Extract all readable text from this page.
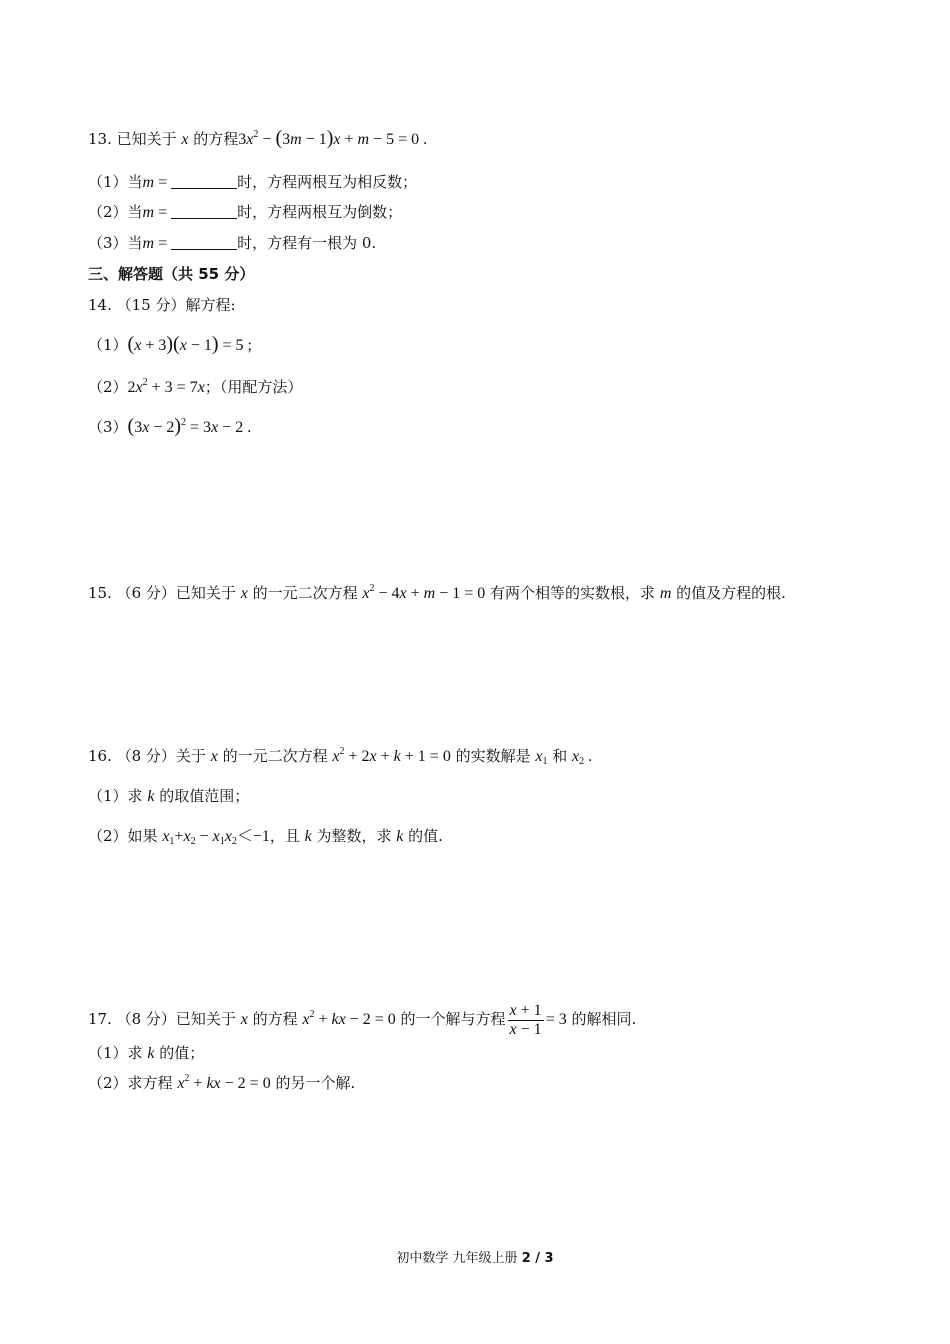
13. 已知关于 x 的方程$3x^2 - (3m - 1)x + m - 5 = 0$ .
（1）当m =	时，方程两根互为相反数；
（2）当m =	时，方程两根互为倒数；
（3）当m =	时，方程有一根为 0.
三、解答题（共 55 分）
14. （15 分）解方程:
（1）(x + 3)(x − 1) = 5 ;
$(2)2x^2 + 3 = 7x$；（用配方法）
$(3)(3x - 2)^2 = 3x - 2$ .
15. （6 分）已知关于 x 的一元二次方程 $x^2 - 4x + m - 1 = 0$ 有两个相等的实数根，求 m 的值及方程的根.
16. （8 分）关于 x 的一元二次方程 $x^2 + 2x + k + 1 = 0$ 的实数解是 $x_1$ 和 $x_2$ .
（1）求 k 的取值范围；
（2）如果 $x_1+x_2 - x_1x_2<-1$，且 k 为整数，求 k 的值.
17. （8 分）已知关于 x 的方程 $x^2$ + kx − 2 = 0 的一个解与方程 $\frac{x + 1}{x - 1} = 3$ 的解相同.
（1）求 k 的值；
（2）求方程 $x^2$ + kx − 2 = 0 的另一个解.
初中数学 九年级上册 2 / 3
